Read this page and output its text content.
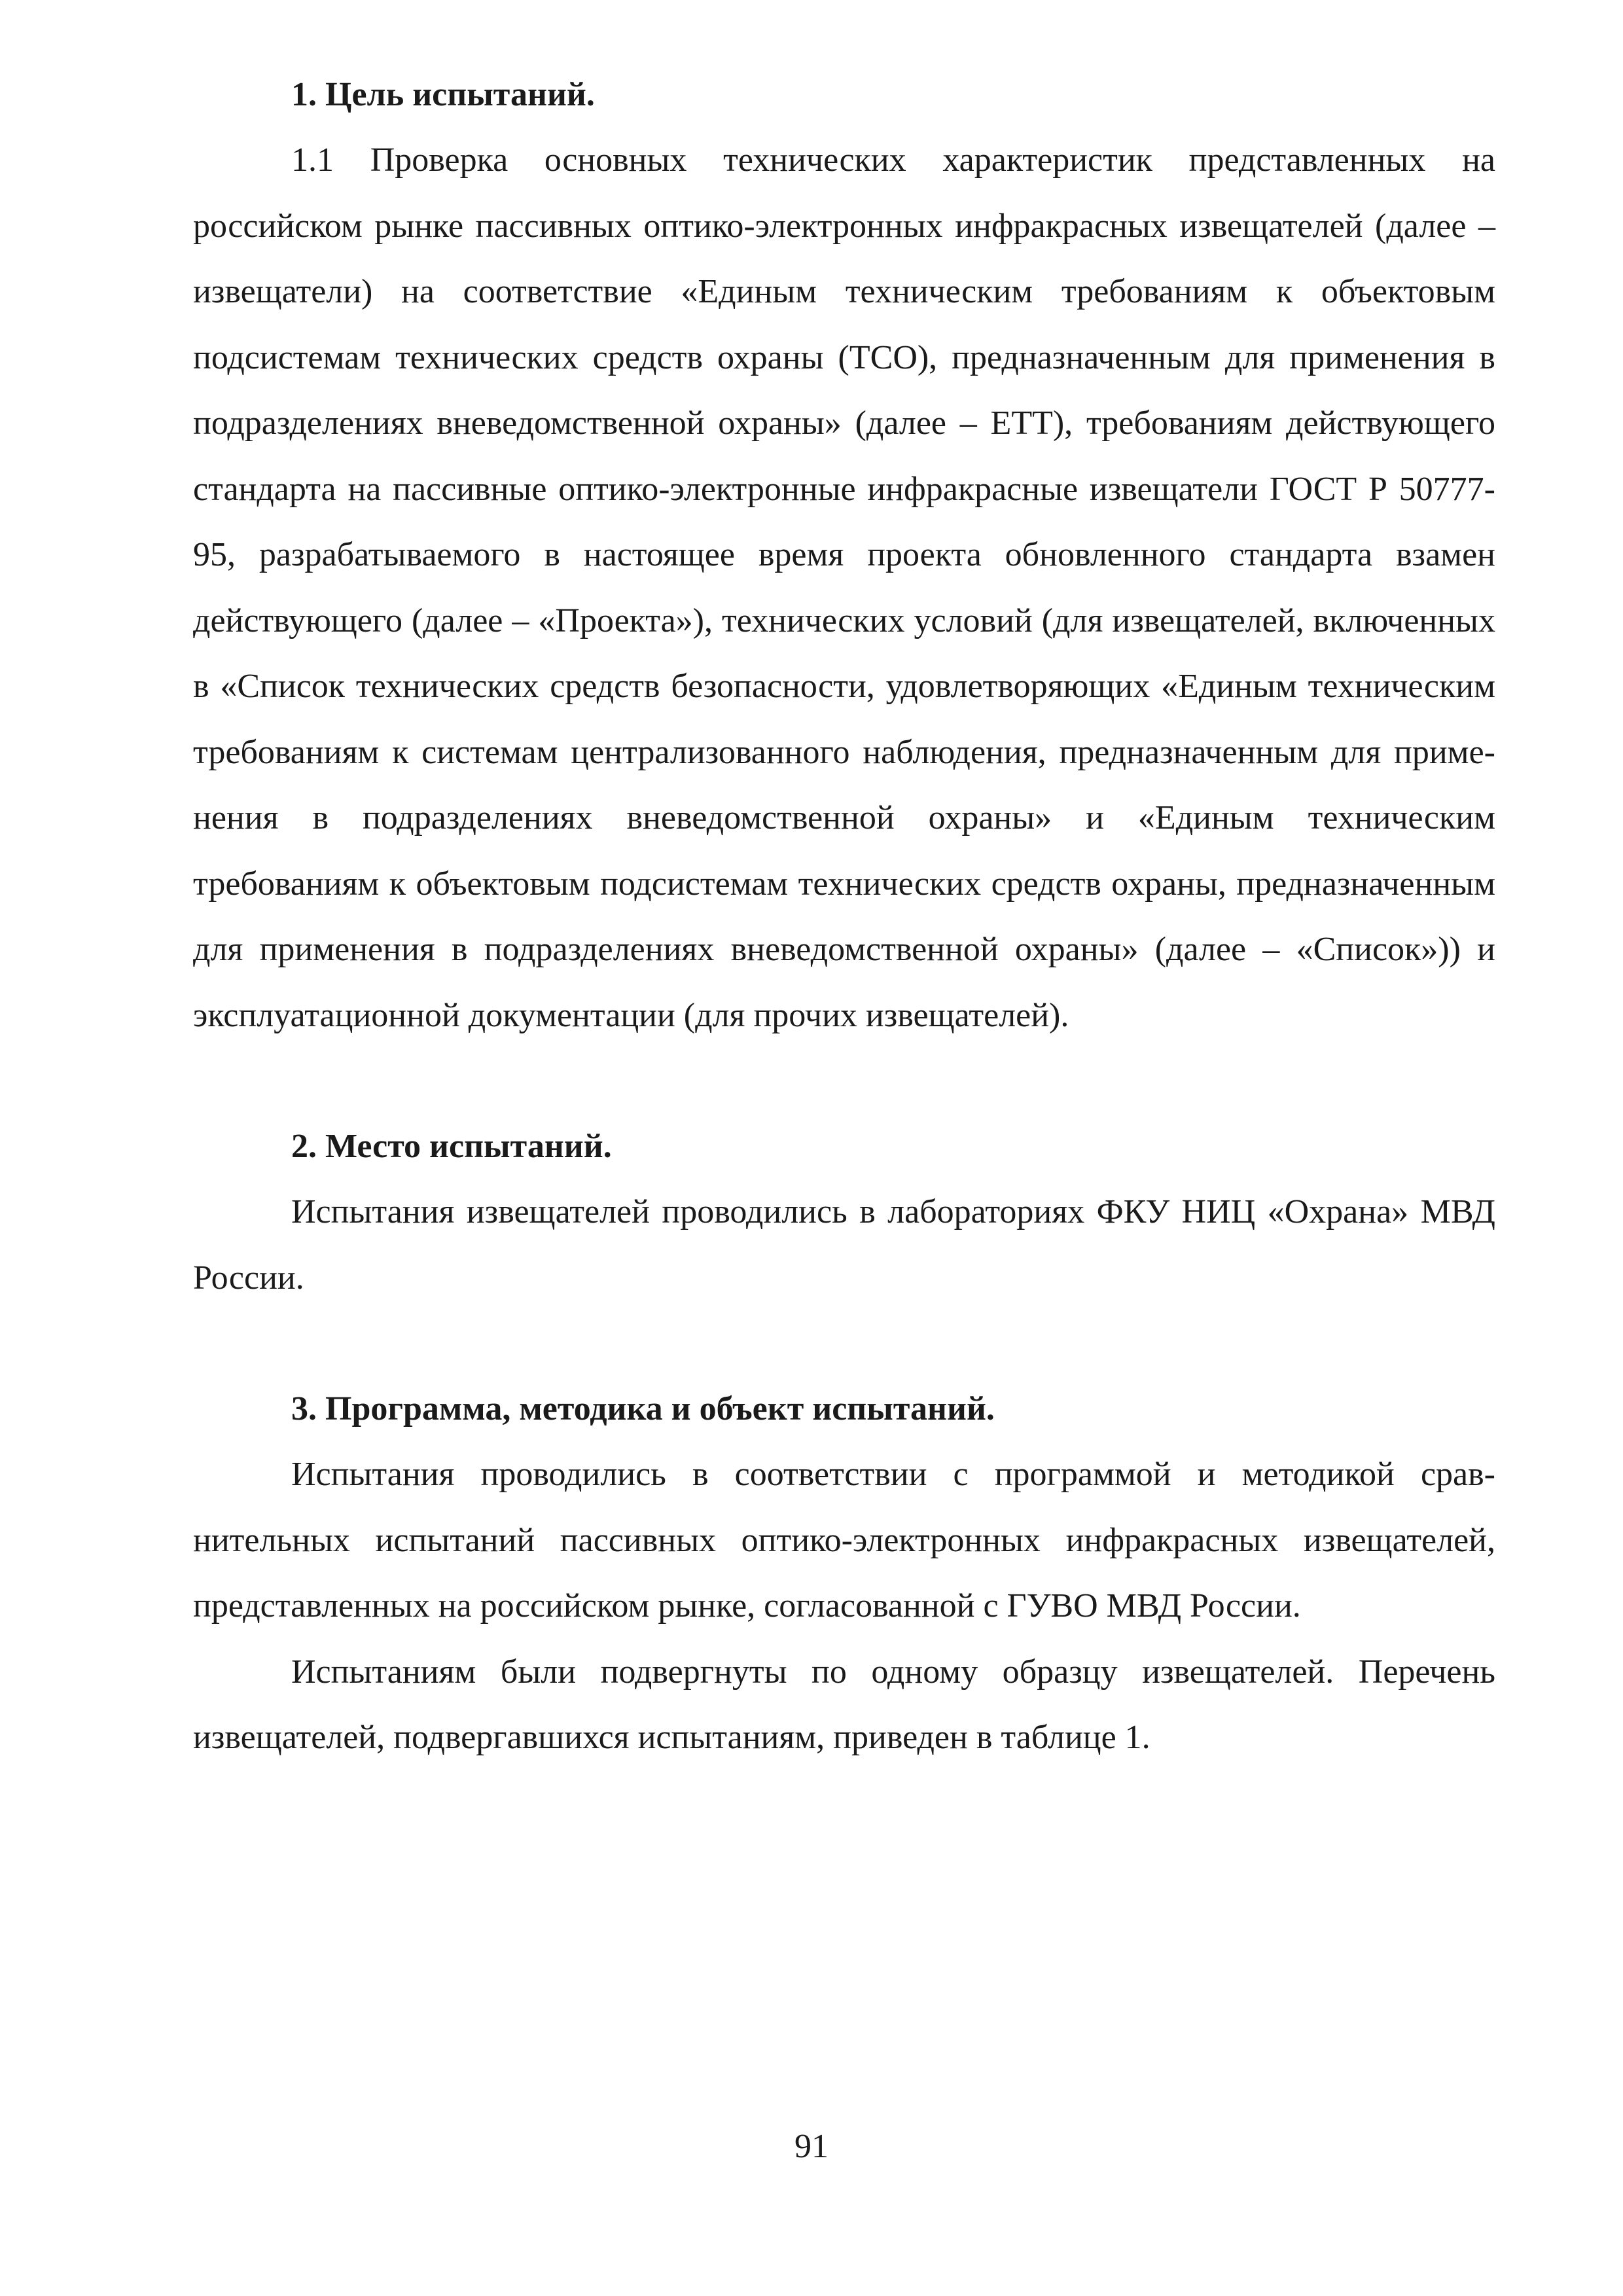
1. Цель испытаний.

1.1 Проверка основных технических характеристик представленных на российском рынке пассивных оптико-электронных инфракрасных извещателей (далее – извещатели) на соответствие «Единым техническим требованиям к объектовым подсистемам технических средств охраны (ТСО), предназначенным для применения в подразделениях вневедомственной охраны» (далее – ЕТТ), требованиям действующего стандарта на пассивные оптико-электронные инфракрасные извещатели ГОСТ Р 50777-95, разрабатываемого в настоящее время проекта обновленного стандарта взамен действующего (далее – «Проекта»), технических условий (для извещателей, включенных в «Список технических средств безопасности, удовлетворяющих «Единым техническим требованиям к системам централизованного наблюдения, предназначенным для применения в подразделениях вневедомственной охраны» и «Единым техническим требованиям к объектовым подсистемам технических средств охраны, предназначенным для применения в подразделениях вневедомственной охраны» (далее – «Список»)) и эксплуатационной документации (для прочих извещателей).

2. Место испытаний.

Испытания извещателей проводились в лабораториях ФКУ НИЦ «Охрана» МВД России.

3. Программа, методика и объект испытаний.

Испытания проводились в соответствии с программой и методикой сравнительных испытаний пассивных оптико-электронных инфракрасных извещателей, представленных на российском рынке, согласованной с ГУВО МВД России.

Испытаниям были подвергнуты по одному образцу извещателей. Перечень извещателей, подвергавшихся испытаниям, приведен в таблице 1.

91
